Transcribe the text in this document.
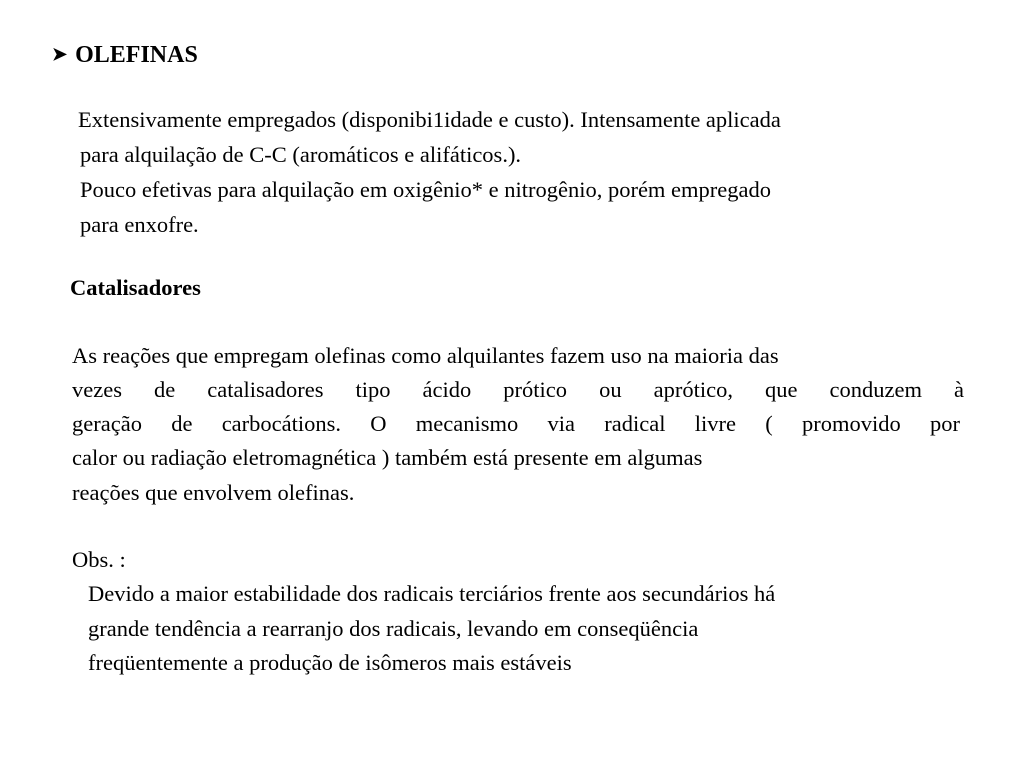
➤ OLEFINAS
Extensivamente empregados (disponibi1idade e custo). Intensamente aplicada
para alquilação de C-C (aromáticos e alifáticos.).
Pouco efetivas para alquilação em oxigênio* e nitrogênio, porém empregado
para enxofre.
Catalisadores
As reações que empregam olefinas como alquilantes fazem uso na maioria das
vezes de catalisadores tipo ácido prótico ou aprótico, que conduzem à
geração de carbocátions. O mecanismo via radical livre ( promovido por
calor ou radiação eletromagnética ) também está presente em algumas
reações que envolvem olefinas.
Obs. :
Devido a maior estabilidade dos radicais terciários frente aos secundários há
grande tendência a rearranjo dos radicais, levando em conseqüência
freqüentemente a produção de isômeros mais estáveis
